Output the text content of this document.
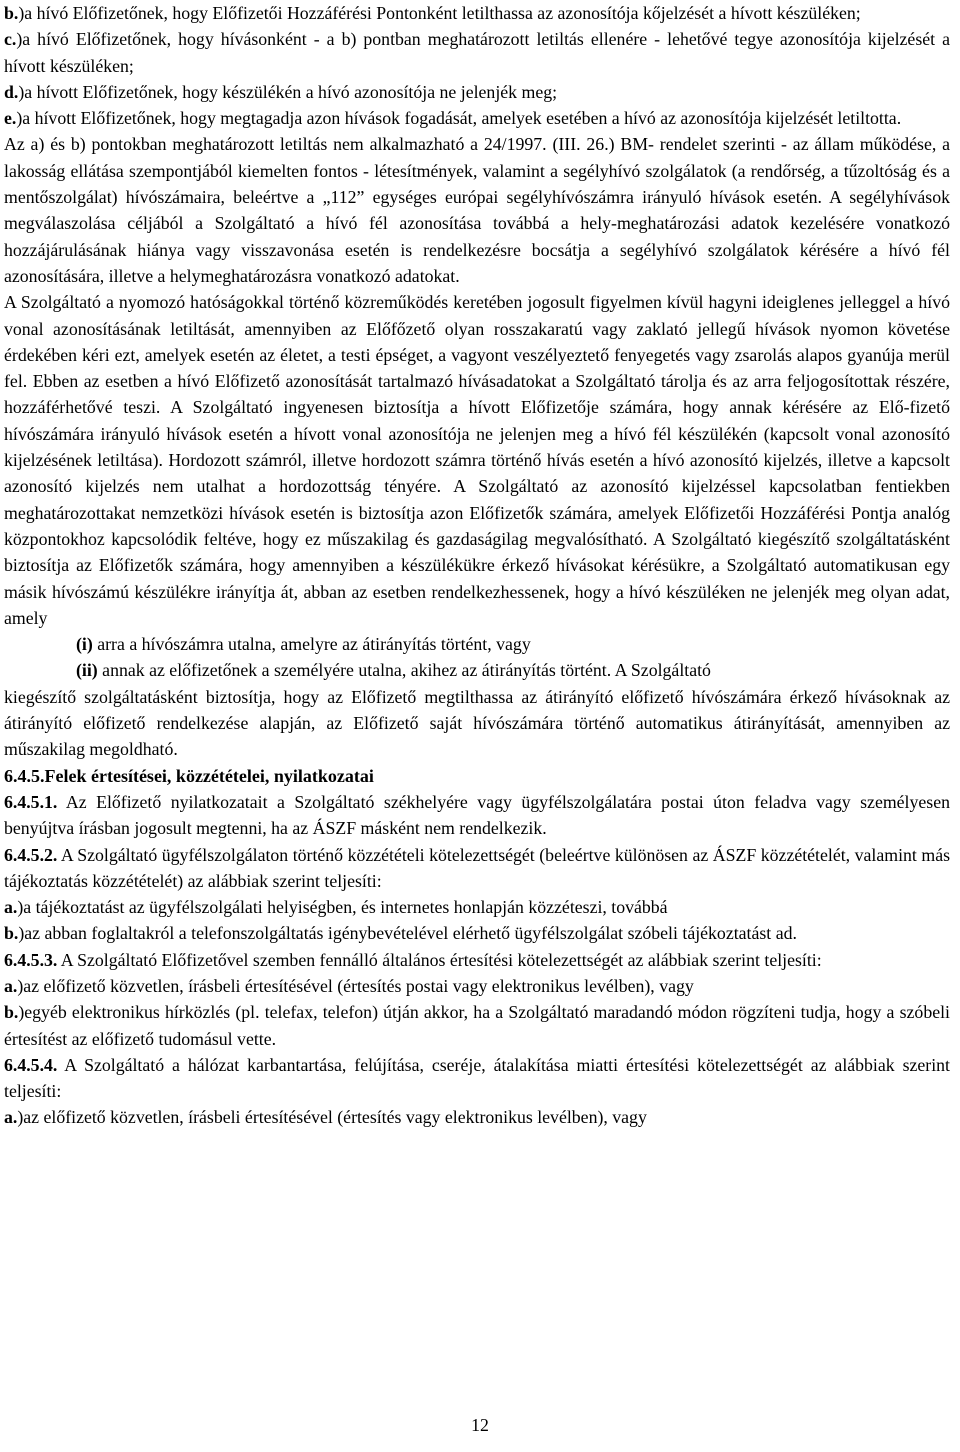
b.)a hívó Előfizetőnek, hogy Előfizetői Hozzáférési Pontonként letilthassa az azonosítója kőjelzését a hívott készüléken;

c.)a hívó Előfizetőnek, hogy hívásonként - a b) pontban meghatározott letiltás ellenére - lehetővé tegye azonosítója kijelzését a hívott készüléken;

d.)a hívott Előfizetőnek, hogy készülékén a hívó azonosítója ne jelenjék meg;

e.)a hívott Előfizetőnek, hogy megtagadja azon hívások fogadását, amelyek esetében a hívó az azonosítója kijelzését letiltotta.

Az a) és b) pontokban meghatározott letiltás nem alkalmazható a 24/1997. (III. 26.) BM- rendelet szerinti - az állam működése, a lakosság ellátása szempontjából kiemelten fontos - létesítmények, valamint a segélyhívó szolgálatok (a rendőrség, a tűzoltóság és a mentőszolgálat) hívószámaira, beleértve a „112” egységes európai segélyhívószámra irányuló hívások esetén. A segélyhívások megválaszolása céljából a Szolgáltató a hívó fél azonosítása továbbá a hely-meghatározási adatok kezelésére vonatkozó hozzájárulásának hiánya vagy visszavonása esetén is rendelkezésre bocsátja a segélyhívó szolgálatok kérésére a hívó fél azonosítására, illetve a helymeghatározásra vonatkozó adatokat.

A Szolgáltató a nyomozó hatóságokkal történő közreműködés keretében jogosult figyelmen kívül hagyni ideiglenes jelleggel a hívó vonal azonosításának letiltását, amennyiben az Előfőzető olyan rosszakaratú vagy zaklató jellegű hívások nyomon követése érdekében kéri ezt, amelyek esetén az életet, a testi épséget, a vagyont veszélyeztető fenyegetés vagy zsarolás alapos gyanúja merül fel. Ebben az esetben a hívó Előfizető azonosítását tartalmazó hívásadatokat a Szolgáltató tárolja és az arra feljogosítottak részére, hozzáférhetővé teszi. A Szolgáltató ingyenesen biztosítja a hívott Előfizetője számára, hogy annak kérésére az Elő-fizető hívószámára irányuló hívások esetén a hívott vonal azonosítója ne jelenjen meg a hívó fél készülékén (kapcsolt vonal azonosító kijelzésének letiltása). Hordozott számról, illetve hordozott számra történő hívás esetén a hívó azonosító kijelzés, illetve a kapcsolt azonosító kijelzés nem utalhat a hordozottság tényére. A Szolgáltató az azonosító kijelzéssel kapcsolatban fentiekben meghatározottakat nemzetközi hívások esetén is biztosítja azon Előfizetők számára, amelyek Előfizetői Hozzáférési Pontja analóg központokhoz kapcsolódik feltéve, hogy ez műszakilag és gazdaságilag megvalósítható. A Szolgáltató kiegészítő szolgáltatásként biztosítja az Előfizetők számára, hogy amennyiben a készülékükre érkező hívásokat kérésükre, a Szolgáltató automatikusan egy másik hívószámú készülékre irányítja át, abban az esetben rendelkezhessenek, hogy a hívó készüléken ne jelenjék meg olyan adat, amely

(i) arra a hívószámra utalna, amelyre az átirányítás történt, vagy

(ii) annak az előfizetőnek a személyére utalna, akihez az átirányítás történt. A Szolgáltató

kiegészítő szolgáltatásként biztosítja, hogy az Előfizető megtilthassa az átirányító előfizető hívószámára érkező hívásoknak az átirányító előfizető rendelkezése alapján, az Előfizető saját hívószámára történő automatikus átirányítását, amennyiben az műszakilag megoldható.

6.4.5.Felek értesítései, közzétételei, nyilatkozatai

6.4.5.1. Az Előfizető nyilatkozatait a Szolgáltató székhelyére vagy ügyfélszolgálatára postai úton feladva vagy személyesen benyújtva írásban jogosult megtenni, ha az ÁSZF másként nem rendelkezik.

6.4.5.2. A Szolgáltató ügyfélszolgálaton történő közzétételi kötelezettségét (beleértve különösen az ÁSZF közzétételét, valamint más tájékoztatás közzétételét) az alábbiak szerint teljesíti:

a.)a tájékoztatást az ügyfélszolgálati helyiségben, és internetes honlapján közzéteszi, továbbá

b.)az abban foglaltakról a telefonszolgáltatás igénybevételével elérhető ügyfélszolgálat szóbeli tájékoztatást ad.

6.4.5.3. A Szolgáltató Előfizetővel szemben fennálló általános értesítési kötelezettségét az alábbiak szerint teljesíti:

a.)az előfizető közvetlen, írásbeli értesítésével (értesítés postai vagy elektronikus levélben), vagy

b.)egyéb elektronikus hírközlés (pl. telefax, telefon) útján akkor, ha a Szolgáltató maradandó módon rögzíteni tudja, hogy a szóbeli értesítést az előfizető tudomásul vette.

6.4.5.4. A Szolgáltató a hálózat karbantartása, felújítása, cseréje, átalakítása miatti értesítési kötelezettségét az alábbiak szerint teljesíti:

a.)az előfizető közvetlen, írásbeli értesítésével (értesítés vagy elektronikus levélben), vagy

12
